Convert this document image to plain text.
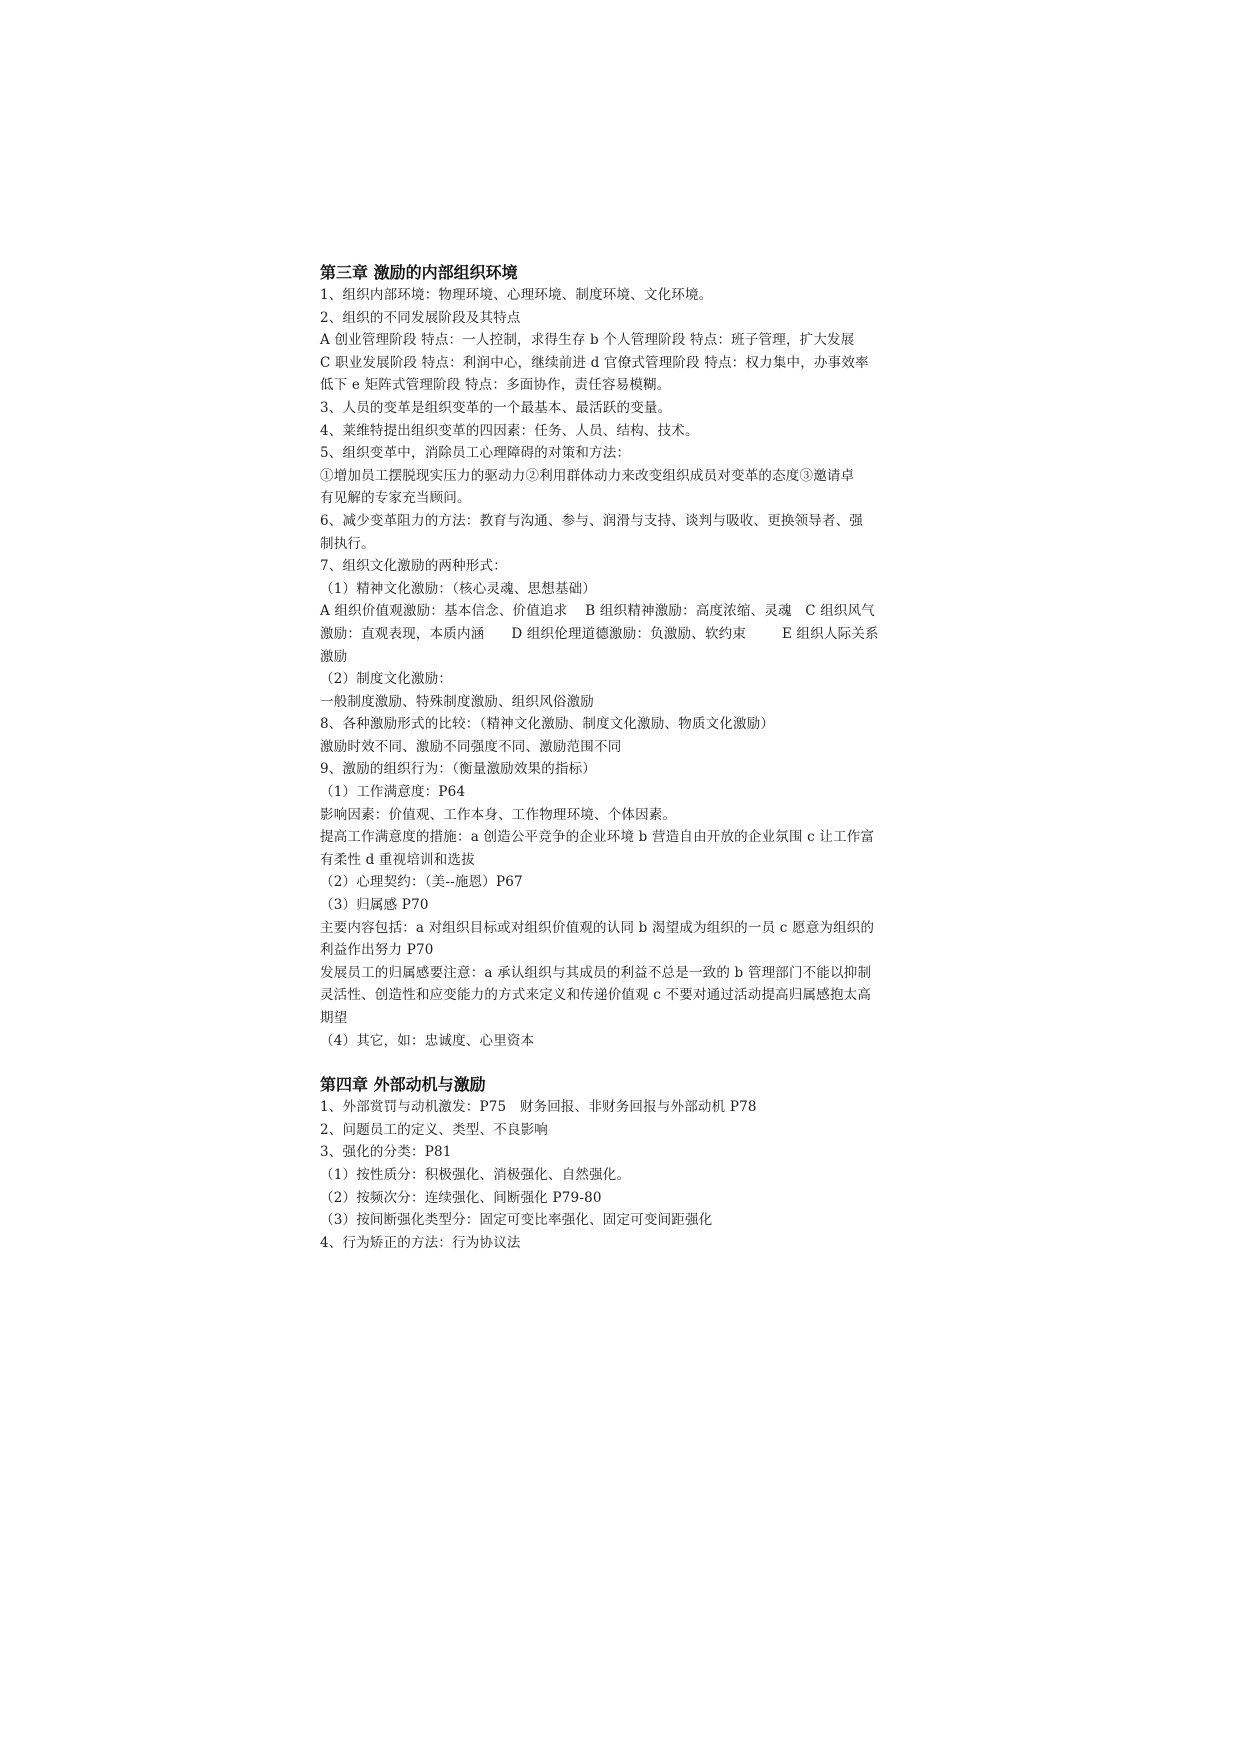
第三章 激励的内部组织环境
1、组织内部环境：物理环境、心理环境、制度环境、文化环境。
2、组织的不同发展阶段及其特点
A 创业管理阶段 特点：一人控制，求得生存 b 个人管理阶段 特点：班子管理，扩大发展
C 职业发展阶段 特点：利润中心，继续前进 d 官僚式管理阶段 特点：权力集中，办事效率
低下 e 矩阵式管理阶段 特点：多面协作，责任容易模糊。
3、人员的变革是组织变革的一个最基本、最活跃的变量。
4、莱维特提出组织变革的四因素：任务、人员、结构、技术。
5、组织变革中，消除员工心理障碍的对策和方法：
①增加员工摆脱现实压力的驱动力②利用群体动力来改变组织成员对变革的态度③邀请卓
有见解的专家充当顾问。
6、减少变革阻力的方法：教育与沟通、参与、润滑与支持、谈判与吸收、更换领导者、强
制执行。
7、组织文化激励的两种形式：
（1）精神文化激励：（核心灵魂、思想基础）
A 组织价值观激励：基本信念、价值追求    B 组织精神激励：高度浓缩、灵魂   C 组织风气
激励：直观表现，本质内涵      D 组织伦理道德激励：负激励、软约束        E 组织人际关系
激励
（2）制度文化激励：
一般制度激励、特殊制度激励、组织风俗激励
8、各种激励形式的比较：（精神文化激励、制度文化激励、物质文化激励）
激励时效不同、激励不同强度不同、激励范围不同
9、激励的组织行为：（衡量激励效果的指标）
（1）工作满意度：P64
影响因素：价值观、工作本身、工作物理环境、个体因素。
提高工作满意度的措施：a 创造公平竞争的企业环境 b 营造自由开放的企业氛围 c 让工作富
有柔性 d 重视培训和选拔
（2）心理契约：（美--施恩）P67
（3）归属感 P70
主要内容包括：a 对组织目标或对组织价值观的认同 b 渴望成为组织的一员 c 愿意为组织的
利益作出努力 P70
发展员工的归属感要注意：a 承认组织与其成员的利益不总是一致的 b 管理部门不能以抑制
灵活性、创造性和应变能力的方式来定义和传递价值观 c 不要对通过活动提高归属感抱太高
期望
（4）其它，如：忠诚度、心里资本
第四章 外部动机与激励
1、外部赏罚与动机激发：P75   财务回报、非财务回报与外部动机 P78
2、问题员工的定义、类型、不良影响
3、强化的分类：P81
（1）按性质分：积极强化、消极强化、自然强化。
（2）按频次分：连续强化、间断强化 P79-80
（3）按间断强化类型分：固定可变比率强化、固定可变间距强化
4、行为矫正的方法：行为协议法
